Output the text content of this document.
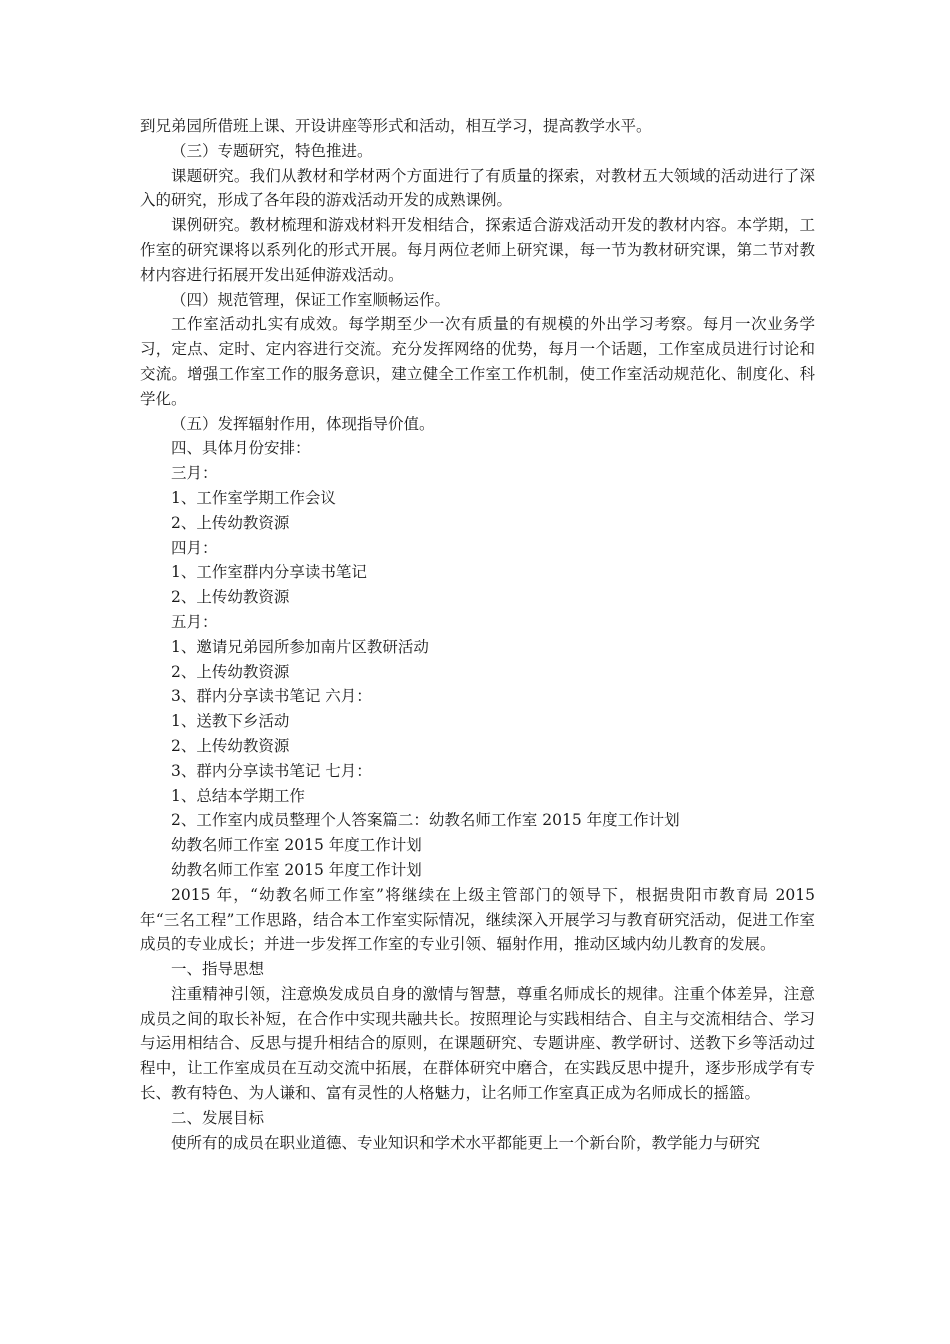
到兄弟园所借班上课、开设讲座等形式和活动，相互学习，提高教学水平。

（三）专题研究，特色推进。

课题研究。我们从教材和学材两个方面进行了有质量的探索，对教材五大领域的活动进行了深入的研究，形成了各年段的游戏活动开发的成熟课例。

课例研究。教材梳理和游戏材料开发相结合，探索适合游戏活动开发的教材内容。本学期，工作室的研究课将以系列化的形式开展。每月两位老师上研究课，每一节为教材研究课，第二节对教材内容进行拓展开发出延伸游戏活动。

（四）规范管理，保证工作室顺畅运作。

工作室活动扎实有成效。每学期至少一次有质量的有规模的外出学习考察。每月一次业务学习，定点、定时、定内容进行交流。充分发挥网络的优势，每月一个话题，工作室成员进行讨论和交流。增强工作室工作的服务意识，建立健全工作室工作机制，使工作室活动规范化、制度化、科学化。

（五）发挥辐射作用，体现指导价值。

四、具体月份安排：

三月：

1、工作室学期工作会议

2、上传幼教资源

四月：

1、工作室群内分享读书笔记

2、上传幼教资源

五月：

1、邀请兄弟园所参加南片区教研活动

2、上传幼教资源

3、群内分享读书笔记 六月：

1、送教下乡活动

2、上传幼教资源

3、群内分享读书笔记 七月：

1、总结本学期工作

2、工作室内成员整理个人答案篇二：幼教名师工作室 2015 年度工作计划

幼教名师工作室 2015 年度工作计划

幼教名师工作室 2015 年度工作计划

2015 年，“幼教名师工作室”将继续在上级主管部门的领导下，根据贵阳市教育局 2015 年“三名工程”工作思路，结合本工作室实际情况，继续深入开展学习与教育研究活动，促进工作室成员的专业成长；并进一步发挥工作室的专业引领、辐射作用，推动区域内幼儿教育的发展。

一、指导思想

注重精神引领，注意焕发成员自身的激情与智慧，尊重名师成长的规律。注重个体差异，注意成员之间的取长补短，在合作中实现共融共长。按照理论与实践相结合、自主与交流相结合、学习与运用相结合、反思与提升相结合的原则，在课题研究、专题讲座、教学研讨、送教下乡等活动过程中，让工作室成员在互动交流中拓展，在群体研究中磨合，在实践反思中提升，逐步形成学有专长、教有特色、为人谦和、富有灵性的人格魅力，让名师工作室真正成为名师成长的摇篮。

二、发展目标

使所有的成员在职业道德、专业知识和学术水平都能更上一个新台阶，教学能力与研究
